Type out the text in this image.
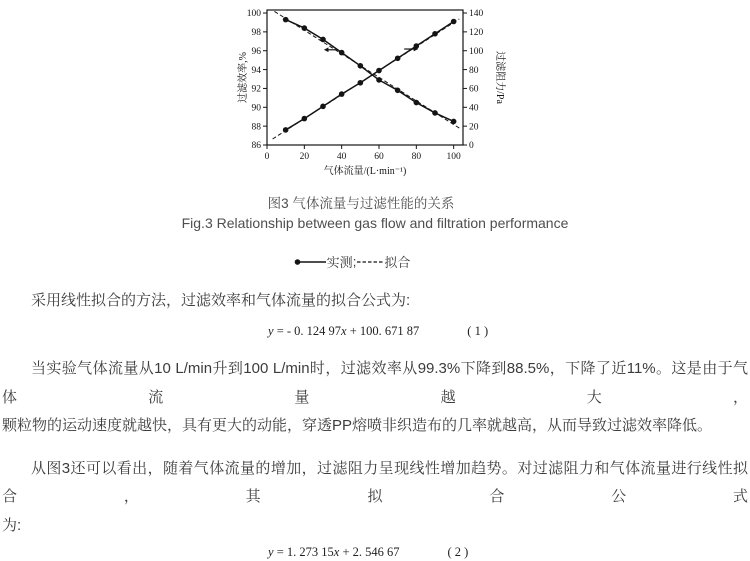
86
88
90
92
94
96
98
100
0
20
40
60
80
100
120
140
0	20	40	60	80	100
气体流量/(L·min⁻¹)
过滤效率,%	过滤阻力/Pa
图3 气体流量与过滤性能的关系
Fig.3 Relationship between gas flow and filtration performance
实测 ; 拟合

采用线性拟合的方法，过滤效率和气体流量的拟合公式为:

y = - 0. 124 97x + 100. 671 87	( 1 )
当实验气体流量从10 L/min升到100 L/min时，过滤效率从99.3%下降到88.5%，下降了近11%。这是由于气体流量越大，
颗粒物的运动速度就越快，具有更大的动能，穿透PP熔喷非织造布的几率就越高，从而导致过滤效率降低。
从图3还可以看出，随着气体流量的增加，过滤阻力呈现线性增加趋势。对过滤阻力和气体流量进行线性拟合，其拟合公式
为:
y = 1. 273 15x + 2. 546 67	( 2 )
